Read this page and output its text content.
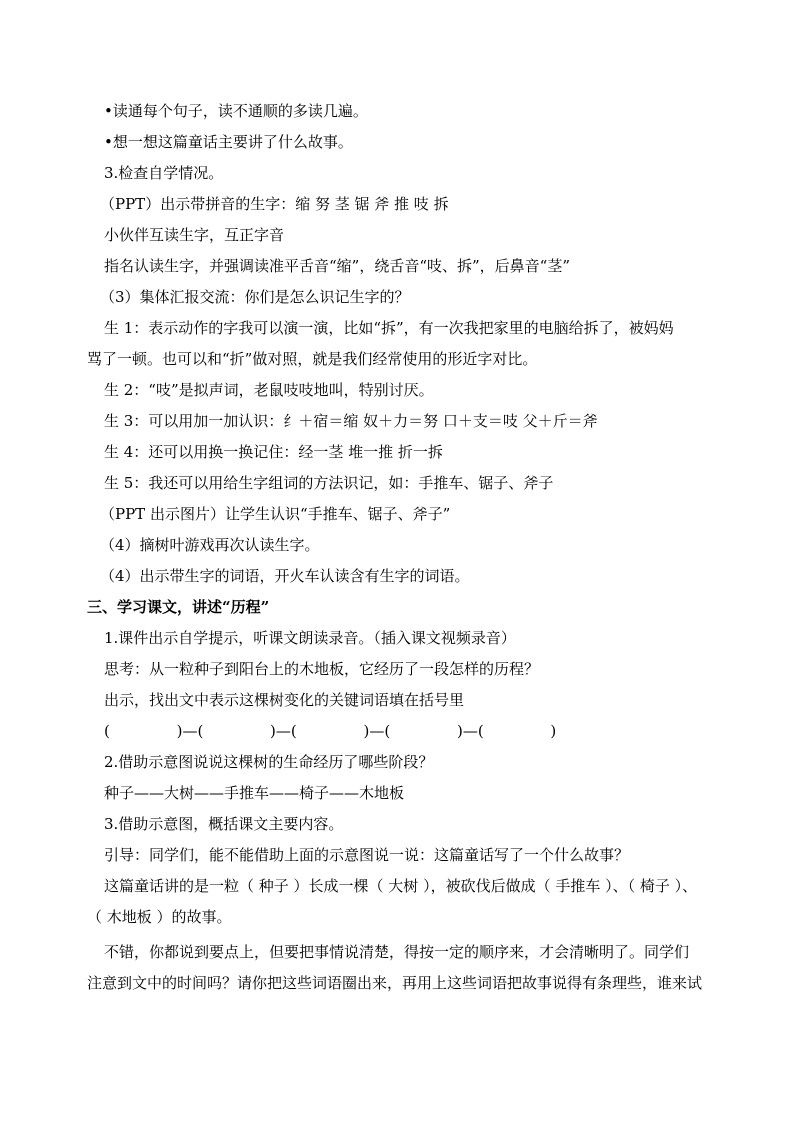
•读通每个句子，读不通顺的多读几遍。
•想一想这篇童话主要讲了什么故事。
3.检查自学情况。
（PPT）出示带拼音的生字：缩 努 茎 锯 斧 推 吱 拆
小伙伴互读生字，互正字音
指名认读生字，并强调读准平舌音“缩”，绕舌音“吱、拆”，后鼻音“茎”
（3）集体汇报交流：你们是怎么识记生字的？
生 1：表示动作的字我可以演一演，比如“拆”，有一次我把家里的电脑给拆了，被妈妈
骂了一顿。也可以和“折”做对照，就是我们经常使用的形近字对比。
生 2：“吱”是拟声词，老鼠吱吱地叫，特别讨厌。
生 3：可以用加一加认识：纟＋宿＝缩 奴＋力＝努 口＋支＝吱 父＋斤＝斧
生 4：还可以用换一换记住：经一茎 堆一推 折一拆
生 5：我还可以用给生字组词的方法识记，如：手推车、锯子、斧子
（PPT 出示图片）让学生认识“手推车、锯子、斧子”
（4）摘树叶游戏再次认读生字。
（4）出示带生字的词语，开火车认读含有生字的词语。
三、学习课文，讲述“历程”
1.课件出示自学提示，听课文朗读录音。（插入课文视频录音）
思考：从一粒种子到阳台上的木地板，它经历了一段怎样的历程？
出示，找出文中表示这棵树变化的关键词语填在括号里
(              )—(              )—(              )—(              )—(              )
2.借助示意图说说这棵树的生命经历了哪些阶段？
种子——大树——手推车——椅子——木地板
3.借助示意图，概括课文主要内容。
引导：同学们，能不能借助上面的示意图说一说：这篇童话写了一个什么故事？
这篇童话讲的是一粒（ 种子 ）长成一棵（ 大树 ），被砍伐后做成（ 手推车 ）、（ 椅子 ）、
（ 木地板 ）的故事。
不错，你都说到要点上，但要把事情说清楚，得按一定的顺序来，才会清晰明了。同学们
注意到文中的时间吗？请你把这些词语圈出来，再用上这些词语把故事说得有条理些，谁来试
